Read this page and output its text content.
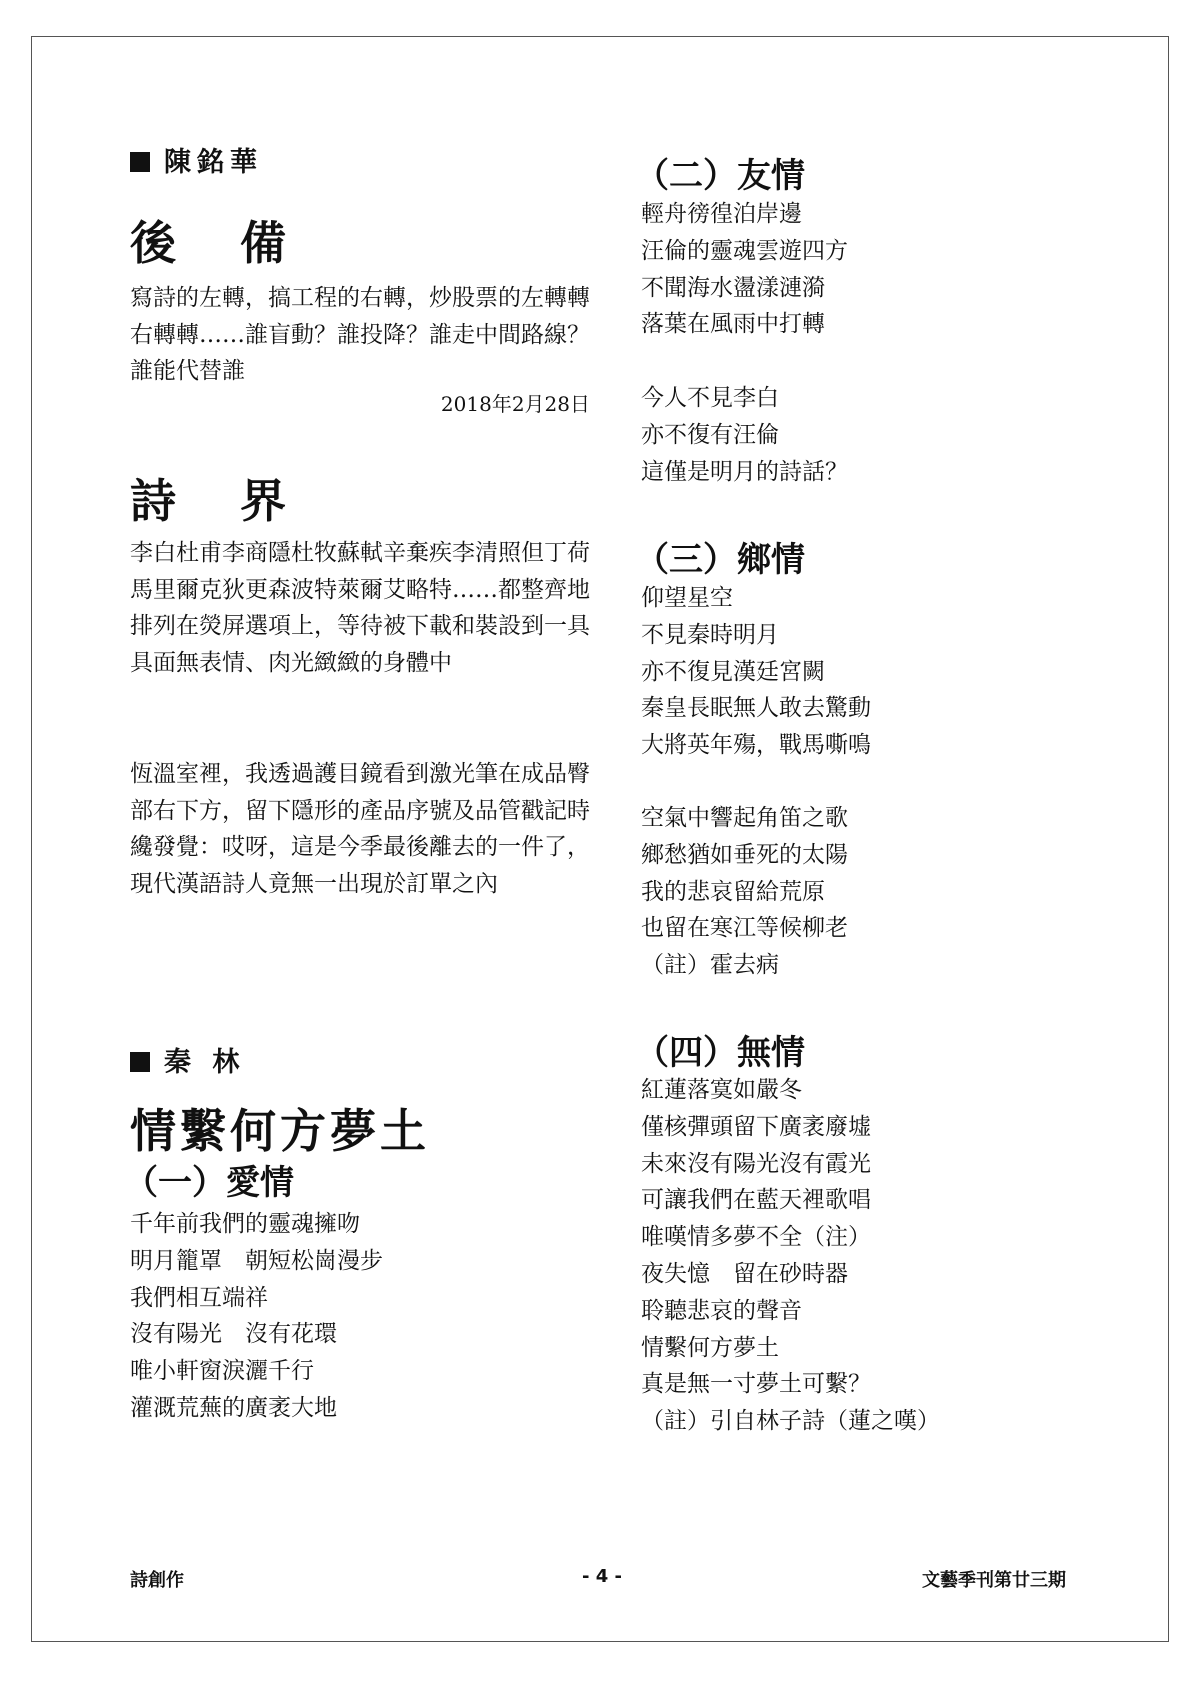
陳銘華
後 備
寫詩的左轉，搞工程的右轉，炒股票的左轉轉右轉轉……誰盲動？誰投降？誰走中間路線？誰能代替誰
2018年2月28日
詩 界
李白杜甫李商隱杜牧蘇軾辛棄疾李清照但丁荷馬里爾克狄更森波特萊爾艾略特……都整齊地排列在熒屏選項上，等待被下載和裝設到一具具面無表情、肉光緻緻的身體中
恆溫室裡，我透過護目鏡看到激光筆在成品臀部右下方，留下隱形的產品序號及品管戳記時纔發覺：哎呀，這是今季最後離去的一件了，現代漢語詩人竟無一出現於訂單之內
秦 林
情繫何方夢土
（一）愛情
千年前我們的靈魂擁吻
明月籠罩　朝短松崗漫步
我們相互端祥
沒有陽光　沒有花環
唯小軒窗淚灑千行
灌溉荒蕪的廣袤大地
（二）友情
輕舟徬徨泊岸邊
汪倫的靈魂雲遊四方
不聞海水盪漾漣漪
落葉在風雨中打轉
今人不見李白
亦不復有汪倫
這僅是明月的詩話？
（三）鄉情
仰望星空
不見秦時明月
亦不復見漢廷宮闕
秦皇長眠無人敢去驚動
大將英年殤，戰馬嘶鳴
空氣中響起角笛之歌
鄉愁猶如垂死的太陽
我的悲哀留給荒原
也留在寒江等候柳老
（註）霍去病
（四）無情
紅蓮落寞如嚴冬
僅核彈頭留下廣袤廢墟
未來沒有陽光沒有霞光
可讓我們在藍天裡歌唱
唯嘆情多夢不全（注）
夜失憶　留在砂時器
聆聽悲哀的聲音
情繫何方夢土
真是無一寸夢土可繫？
（註）引自林子詩（蓮之嘆）
詩創作	- 4 -	文藝季刊第廿三期
